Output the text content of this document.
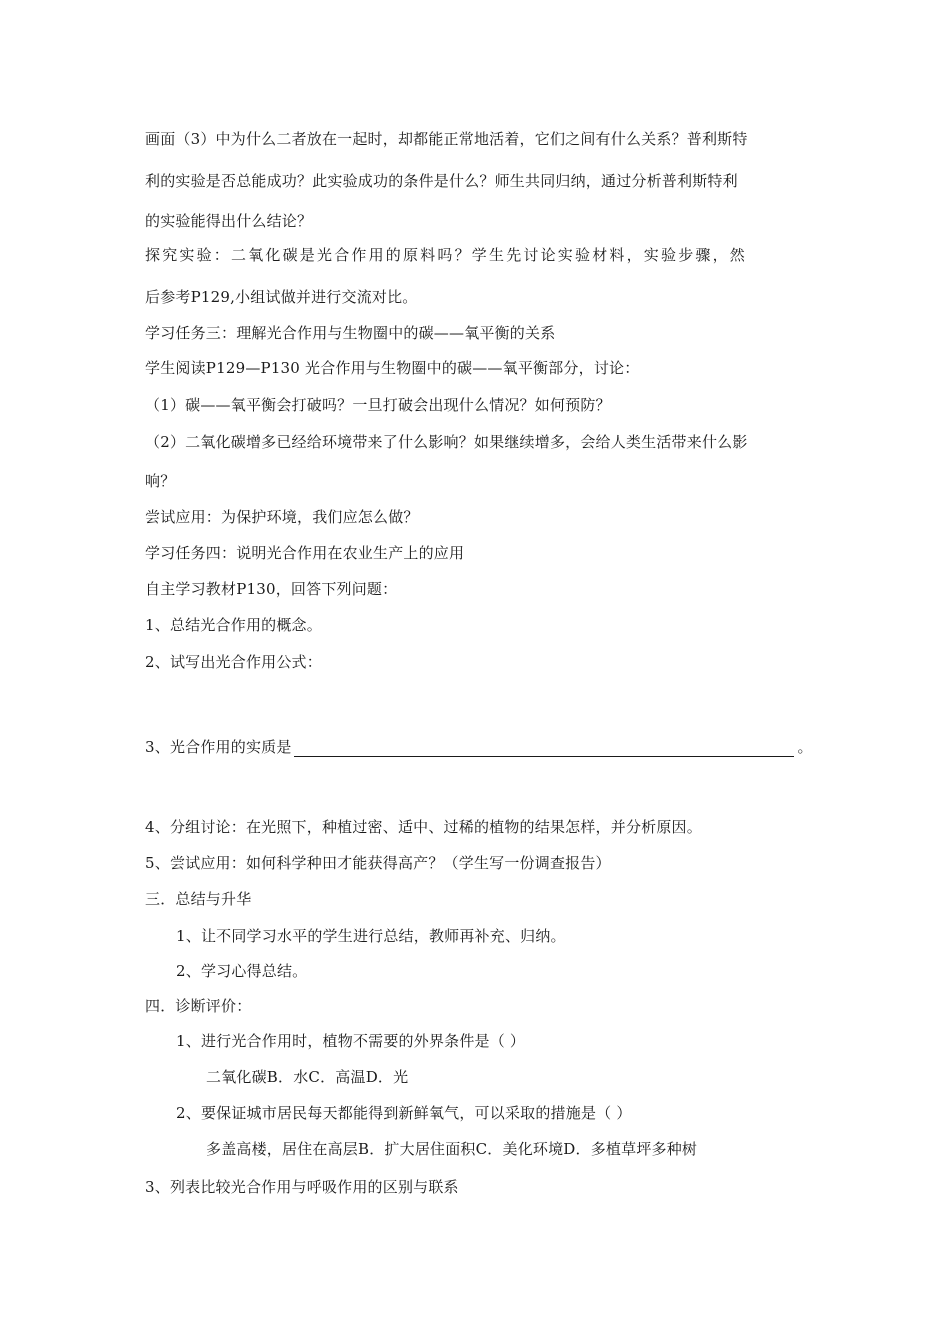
画面（3）中为什么二者放在一起时，却都能正常地活着，它们之间有什么关系？普利斯特
利的实验是否总能成功？此实验成功的条件是什么？师生共同归纳，通过分析普利斯特利
的实验能得出什么结论？
探究实验：二氧化碳是光合作用的原料吗？学生先讨论实验材料，实验步骤，然
后参考P129,小组试做并进行交流对比。
学习任务三：理解光合作用与生物圈中的碳——氧平衡的关系
学生阅读P129—P130 光合作用与生物圈中的碳——氧平衡部分，讨论：
（1）碳——氧平衡会打破吗？一旦打破会出现什么情况？如何预防？
（2）二氧化碳增多已经给环境带来了什么影响？如果继续增多，会给人类生活带来什么影
响？
尝试应用：为保护环境，我们应怎么做？
学习任务四：说明光合作用在农业生产上的应用
自主学习教材P130，回答下列问题：
1、总结光合作用的概念。
2、试写出光合作用公式：
3、光合作用的实质是	。
4、分组讨论：在光照下，种植过密、适中、过稀的植物的结果怎样，并分析原因。
5、尝试应用：如何科学种田才能获得高产？（学生写一份调查报告）
三．总结与升华
1、让不同学习水平的学生进行总结，教师再补充、归纳。
2、学习心得总结。
四．诊断评价：
1、进行光合作用时，植物不需要的外界条件是（ ）
二氧化碳B．水C．高温D．光
2、要保证城市居民每天都能得到新鲜氧气，可以采取的措施是（ ）
多盖高楼，居住在高层B．扩大居住面积C．美化环境D．多植草坪多种树
3、列表比较光合作用与呼吸作用的区别与联系
